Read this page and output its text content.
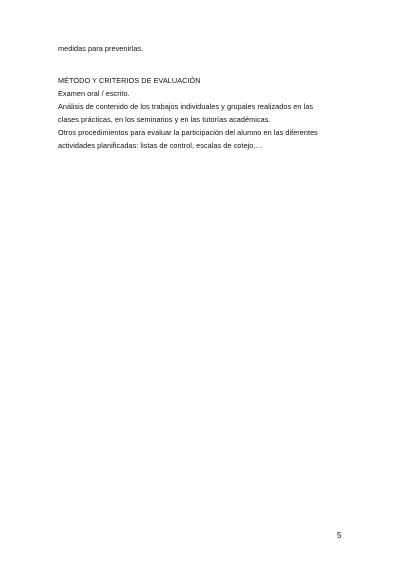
medidas para prevenirlas.
MÉTODO Y CRITERIOS DE EVALUACIÓN
Examen oral / escrito.
Análisis de contenido de los trabajos individuales y grupales realizados en las
clases prácticas, en los seminarios y en las tutorías académicas.
Otros procedimientos para evaluar la participación del alumno en las diferentes
actividades planificadas: listas de control, escalas de cotejo,…
5
